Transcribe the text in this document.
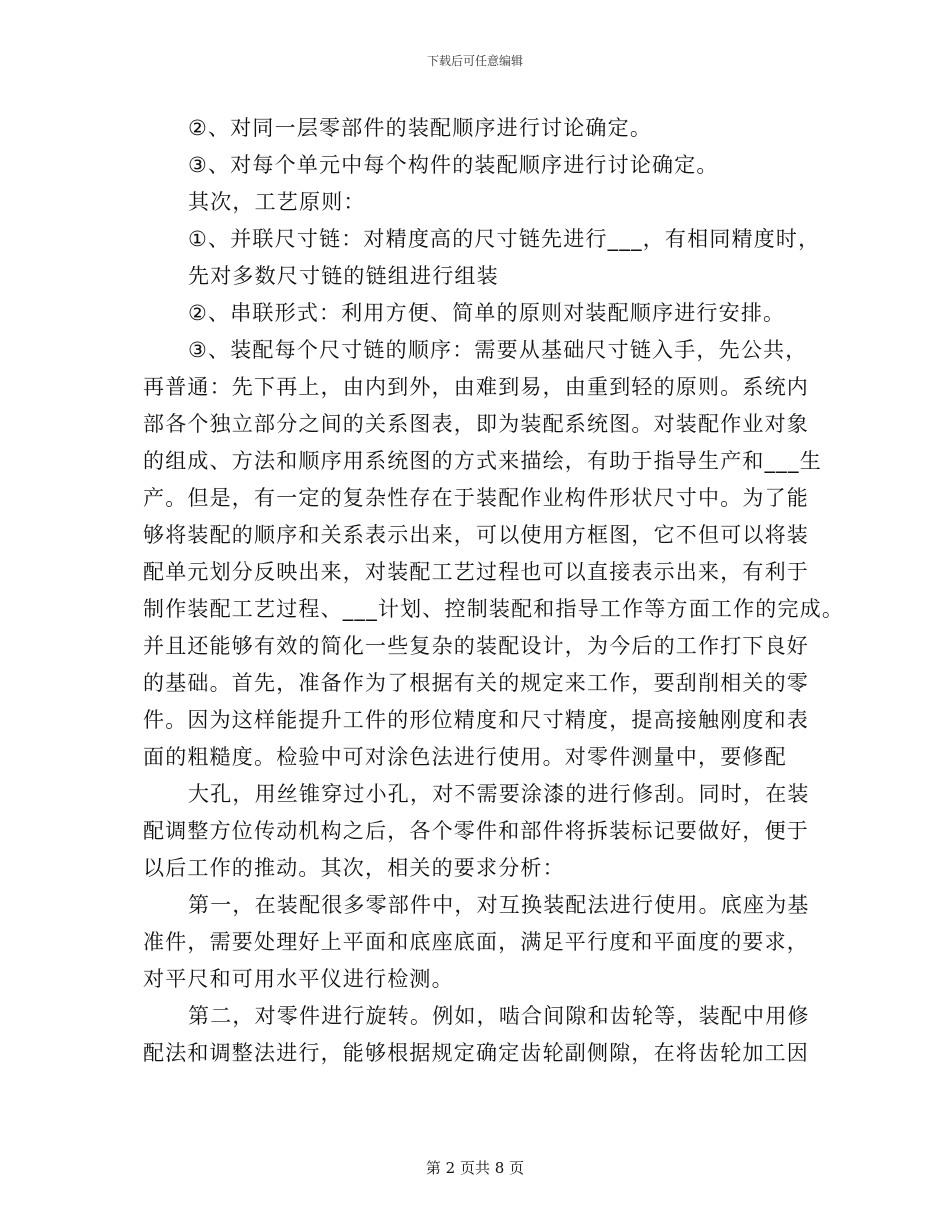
下载后可任意编辑
②、对同一层零部件的装配顺序进行讨论确定。
③、对每个单元中每个构件的装配顺序进行讨论确定。
其次，工艺原则：
①、并联尺寸链：对精度高的尺寸链先进行___，有相同精度时，
先对多数尺寸链的链组进行组装
②、串联形式：利用方便、简单的原则对装配顺序进行安排。
③、装配每个尺寸链的顺序：需要从基础尺寸链入手，先公共，
再普通：先下再上，由内到外，由难到易，由重到轻的原则。系统内
部各个独立部分之间的关系图表，即为装配系统图。对装配作业对象
的组成、方法和顺序用系统图的方式来描绘，有助于指导生产和___生
产。但是，有一定的复杂性存在于装配作业构件形状尺寸中。为了能
够将装配的顺序和关系表示出来，可以使用方框图，它不但可以将装
配单元划分反映出来，对装配工艺过程也可以直接表示出来，有利于
制作装配工艺过程、___计划、控制装配和指导工作等方面工作的完成。
并且还能够有效的简化一些复杂的装配设计，为今后的工作打下良好
的基础。首先，准备作为了根据有关的规定来工作，要刮削相关的零
件。因为这样能提升工件的形位精度和尺寸精度，提高接触刚度和表
面的粗糙度。检验中可对涂色法进行使用。对零件测量中，要修配
大孔，用丝锥穿过小孔，对不需要涂漆的进行修刮。同时，在装
配调整方位传动机构之后，各个零件和部件将拆装标记要做好，便于
以后工作的推动。其次，相关的要求分析：
第一，在装配很多零部件中，对互换装配法进行使用。底座为基
准件，需要处理好上平面和底座底面，满足平行度和平面度的要求，
对平尺和可用水平仪进行检测。
第二，对零件进行旋转。例如，啮合间隙和齿轮等，装配中用修
配法和调整法进行，能够根据规定确定齿轮副侧隙，在将齿轮加工因
第 2 页共 8 页
